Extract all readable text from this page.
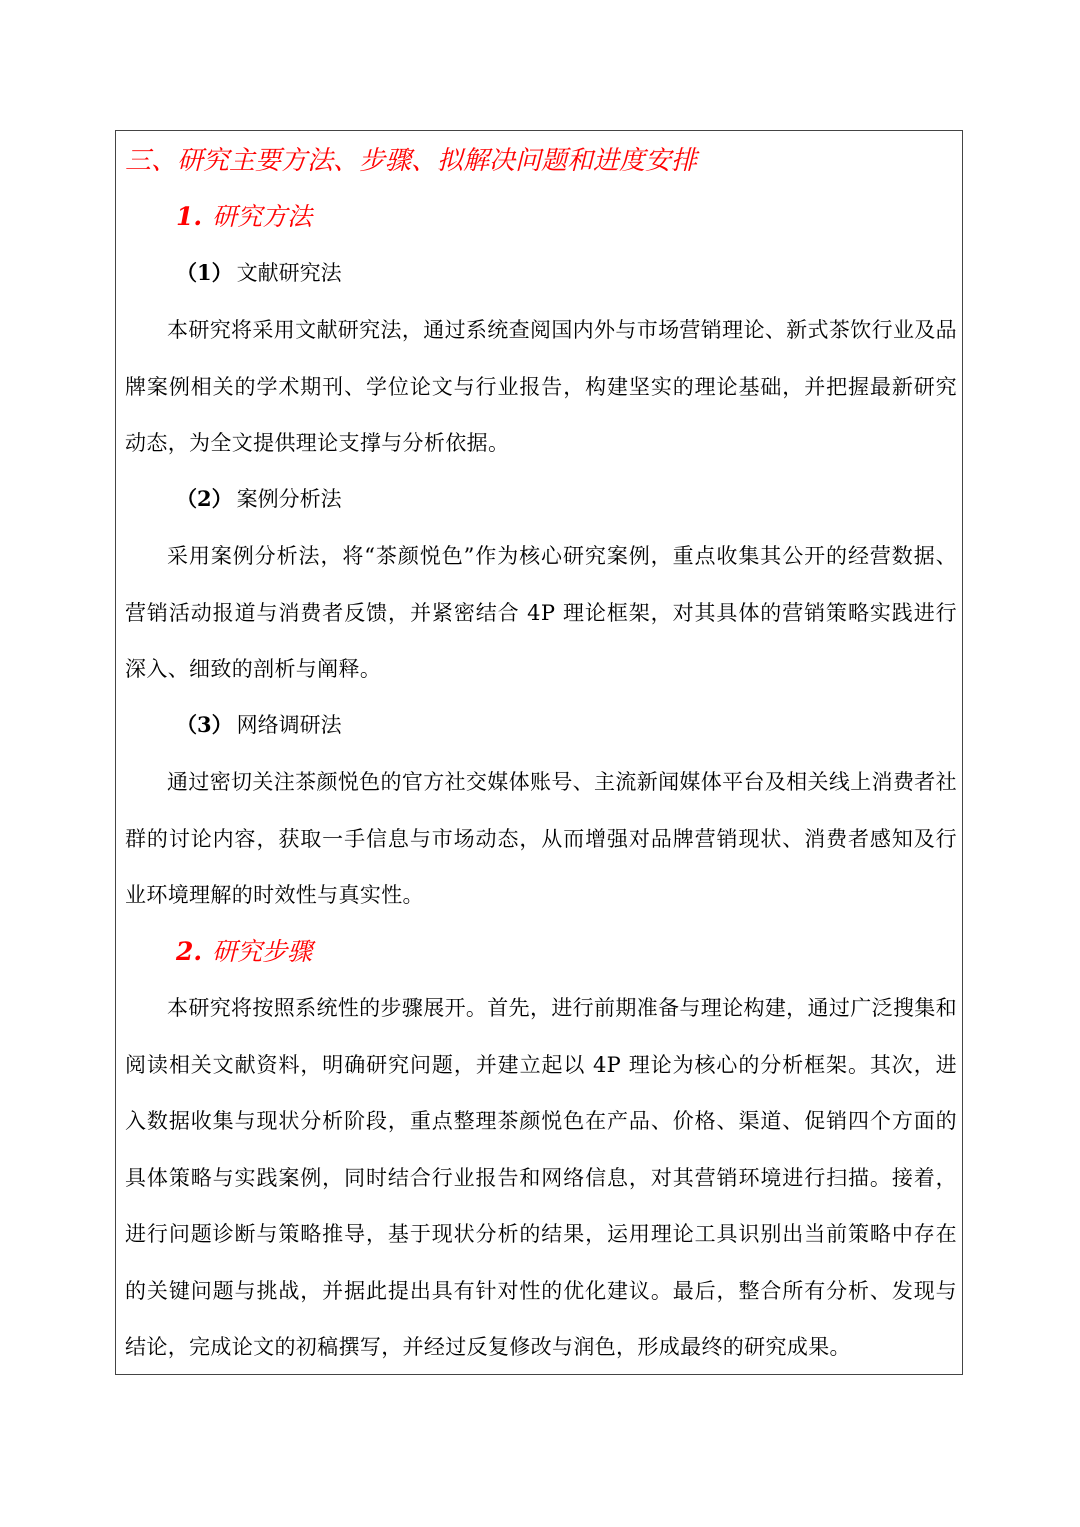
三、研究主要方法、步骤、拟解决问题和进度安排
1. 研究方法
（1） 文献研究法

本研究将采用文献研究法，通过系统查阅国内外与市场营销理论、新式茶饮行业及品牌案例相关的学术期刊、学位论文与行业报告，构建坚实的理论基础，并把握最新研究动态，为全文提供理论支撑与分析依据。

（2） 案例分析法

采用案例分析法，将“茶颜悦色”作为核心研究案例，重点收集其公开的经营数据、营销活动报道与消费者反馈，并紧密结合 4P 理论框架，对其具体的营销策略实践进行深入、细致的剖析与阐释。

（3） 网络调研法

通过密切关注茶颜悦色的官方社交媒体账号、主流新闻媒体平台及相关线上消费者社群的讨论内容，获取一手信息与市场动态，从而增强对品牌营销现状、消费者感知及行业环境理解的时效性与真实性。

2. 研究步骤

本研究将按照系统性的步骤展开。首先，进行前期准备与理论构建，通过广泛搜集和阅读相关文献资料，明确研究问题，并建立起以 4P 理论为核心的分析框架。其次，进入数据收集与现状分析阶段，重点整理茶颜悦色在产品、价格、渠道、促销四个方面的具体策略与实践案例，同时结合行业报告和网络信息，对其营销环境进行扫描。接着，进行问题诊断与策略推导，基于现状分析的结果，运用理论工具识别出当前策略中存在的关键问题与挑战，并据此提出具有针对性的优化建议。最后，整合所有分析、发现与结论，完成论文的初稿撰写，并经过反复修改与润色，形成最终的研究成果。
